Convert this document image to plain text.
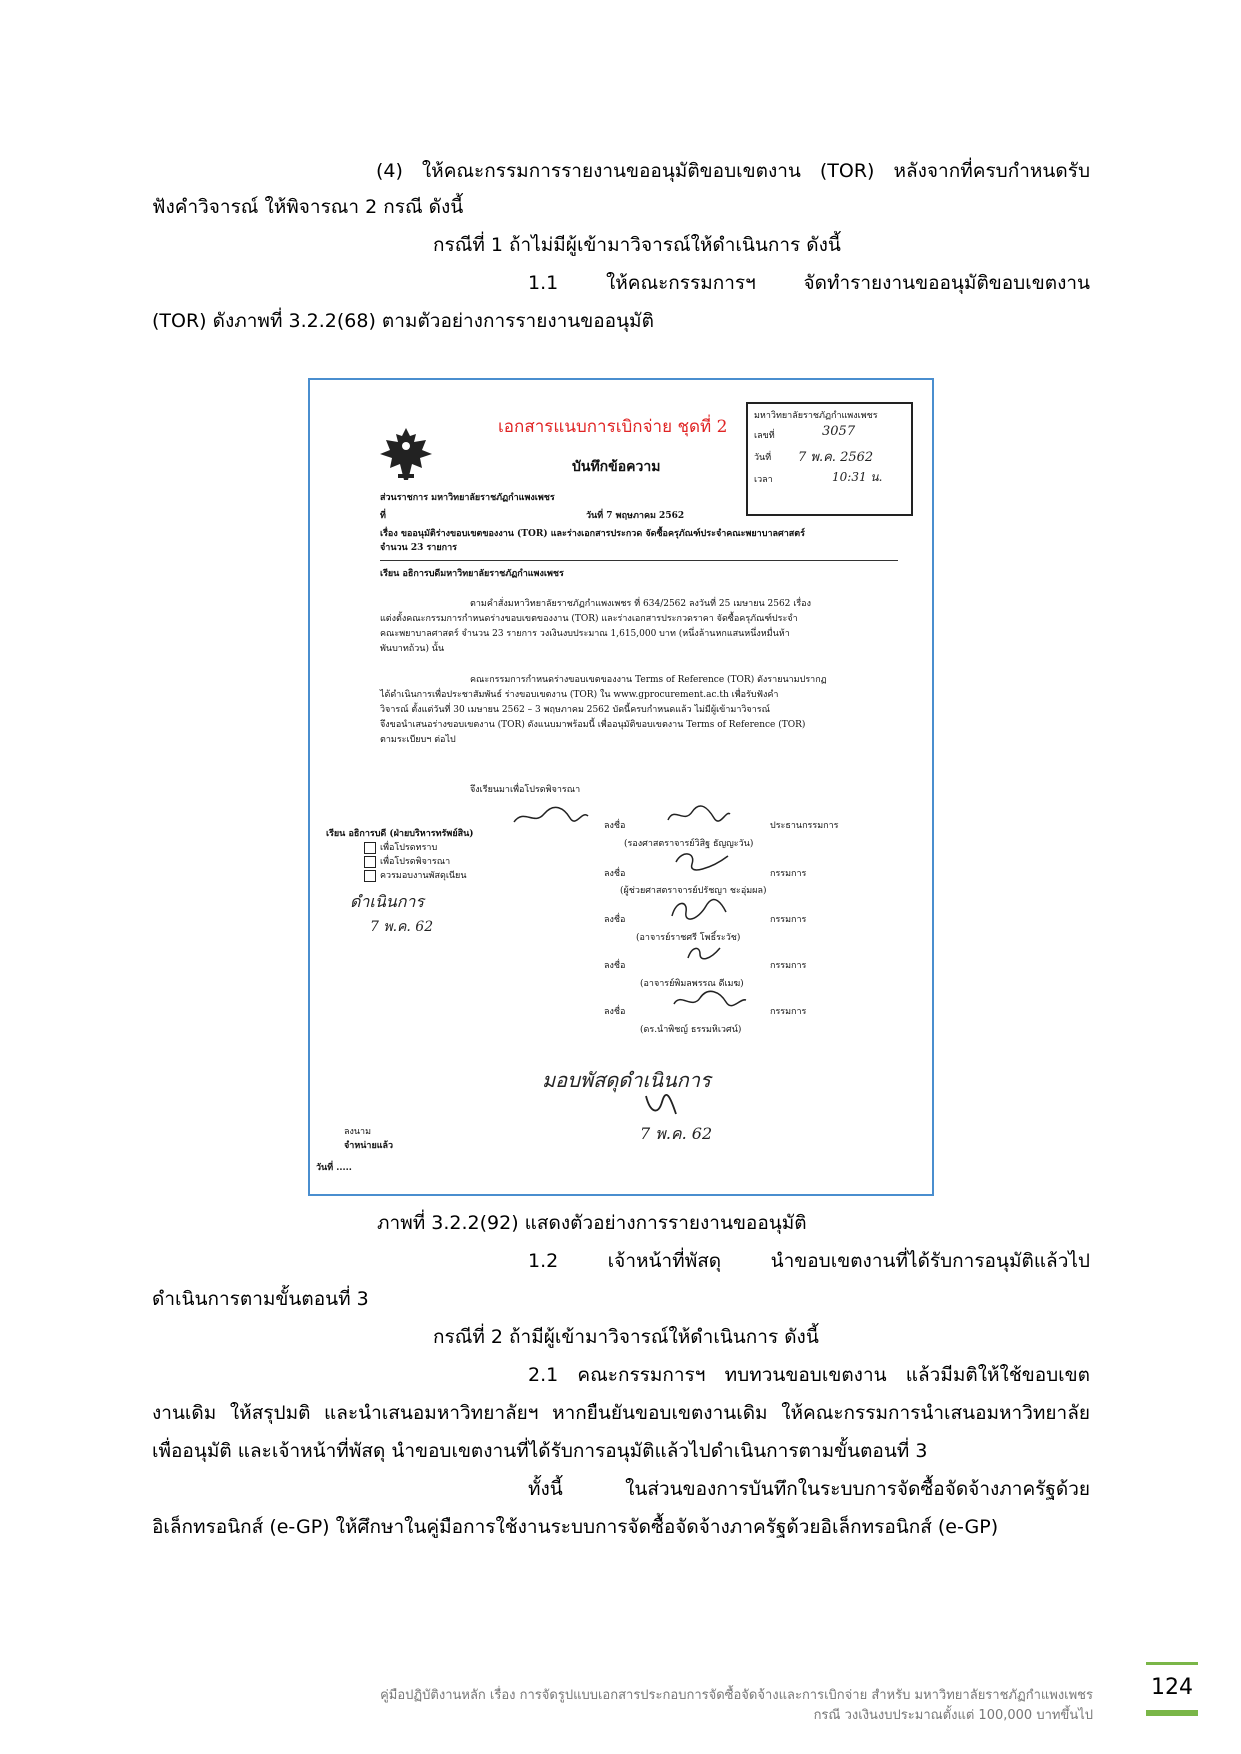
(4) ให้คณะกรรมการรายงานขออนุมัติขอบเขตงาน (TOR) หลังจากที่ครบกำหนดรับ
ฟังคำวิจารณ์ ให้พิจารณา 2 กรณี ดังนี้
กรณีที่ 1 ถ้าไม่มีผู้เข้ามาวิจารณ์ให้ดำเนินการ ดังนี้
1.1 ให้คณะกรรมการฯ จัดทำรายงานขออนุมัติขอบเขตงาน
(TOR) ดังภาพที่ 3.2.2(68) ตามตัวอย่างการรายงานขออนุมัติ
เอกสารแนบการเบิกจ่าย ชุดที่ 2
บันทึกข้อความ
มหาวิทยาลัยราชภัฏกำแพงเพชร
เลขที่	3057
วันที่ 7 พ.ค. 2562
เวลา	10:31 น.
ส่วนราชการ มหาวิทยาลัยราชภัฏกำแพงเพชร
ที่	วันที่ 7 พฤษภาคม 2562
เรื่อง ขออนุมัติร่างขอบเขตของงาน (TOR) และร่างเอกสารประกวด จัดซื้อครุภัณฑ์ประจำคณะพยาบาลศาสตร์
จำนวน 23 รายการ
เรียน อธิการบดีมหาวิทยาลัยราชภัฏกำแพงเพชร
ตามคำสั่งมหาวิทยาลัยราชภัฏกำแพงเพชร ที่ 634/2562 ลงวันที่ 25 เมษายน 2562 เรื่อง
แต่งตั้งคณะกรรมการกำหนดร่างขอบเขตของงาน (TOR) และร่างเอกสารประกวดราคา จัดซื้อครุภัณฑ์ประจำ
คณะพยาบาลศาสตร์ จำนวน 23 รายการ วงเงินงบประมาณ 1,615,000 บาท (หนึ่งล้านหกแสนหนึ่งหมื่นห้า
พันบาทถ้วน) นั้น
คณะกรรมการกำหนดร่างขอบเขตของงาน Terms of Reference (TOR) ดังรายนามปรากฏ
ได้ดำเนินการเพื่อประชาสัมพันธ์ ร่างขอบเขตงาน (TOR) ใน www.gprocurement.ac.th เพื่อรับฟังคำ
วิจารณ์ ตั้งแต่วันที่ 30 เมษายน 2562 – 3 พฤษภาคม 2562 บัดนี้ครบกำหนดแล้ว ไม่มีผู้เข้ามาวิจารณ์
จึงขอนำเสนอร่างขอบเขตงาน (TOR) ดังแนบมาพร้อมนี้ เพื่ออนุมัติขอบเขตงาน Terms of Reference (TOR)
ตามระเบียบฯ ต่อไป
จึงเรียนมาเพื่อโปรดพิจารณา
เรียน อธิการบดี (ฝ่ายบริหารทรัพย์สิน)
เพื่อโปรดทราบ
เพื่อโปรดพิจารณา
ควรมอบงานพัสดุเนียน
ดำเนินการ
7 พ.ค. 62
ลงชื่อ	ประธานกรรมการ
(รองศาสตราจารย์วิสิฐ ธัญญะวัน)
ลงชื่อ	กรรมการ
(ผู้ช่วยศาสตราจารย์ปรัชญา ชะอุ่มผล)
ลงชื่อ	กรรมการ
(อาจารย์ราชศรี โพธิ์ระวัช)
ลงชื่อ	กรรมการ
(อาจารย์พิมลพรรณ ดีเมฆ)
ลงชื่อ	กรรมการ
(ดร.นำพิชญ์ ธรรมหิเวศน์)
มอบพัสดุดำเนินการ
7 พ.ค. 62
ลงนาม
จำหน่ายแล้ว
วันที่ .....
ภาพที่ 3.2.2(92) แสดงตัวอย่างการรายงานขออนุมัติ
1.2 เจ้าหน้าที่พัสดุ นำขอบเขตงานที่ได้รับการอนุมัติแล้วไป
ดำเนินการตามขั้นตอนที่ 3
กรณีที่ 2 ถ้ามีผู้เข้ามาวิจารณ์ให้ดำเนินการ ดังนี้
2.1 คณะกรรมการฯ ทบทวนขอบเขตงาน แล้วมีมติให้ใช้ขอบเขต
งานเดิม ให้สรุปมติ และนำเสนอมหาวิทยาลัยฯ หากยืนยันขอบเขตงานเดิม ให้คณะกรรมการนำเสนอมหาวิทยาลัย
เพื่ออนุมัติ และเจ้าหน้าที่พัสดุ นำขอบเขตงานที่ได้รับการอนุมัติแล้วไปดำเนินการตามขั้นตอนที่ 3
ทั้งนี้ ในส่วนของการบันทึกในระบบการจัดซื้อจัดจ้างภาครัฐด้วย
อิเล็กทรอนิกส์ (e-GP) ให้ศึกษาในคู่มือการใช้งานระบบการจัดซื้อจัดจ้างภาครัฐด้วยอิเล็กทรอนิกส์ (e-GP)
คู่มือปฏิบัติงานหลัก เรื่อง การจัดรูปแบบเอกสารประกอบการจัดซื้อจัดจ้างและการเบิกจ่าย สำหรับ มหาวิทยาลัยราชภัฏกำแพงเพชร
กรณี วงเงินงบประมาณตั้งแต่ 100,000 บาทขึ้นไป
124
